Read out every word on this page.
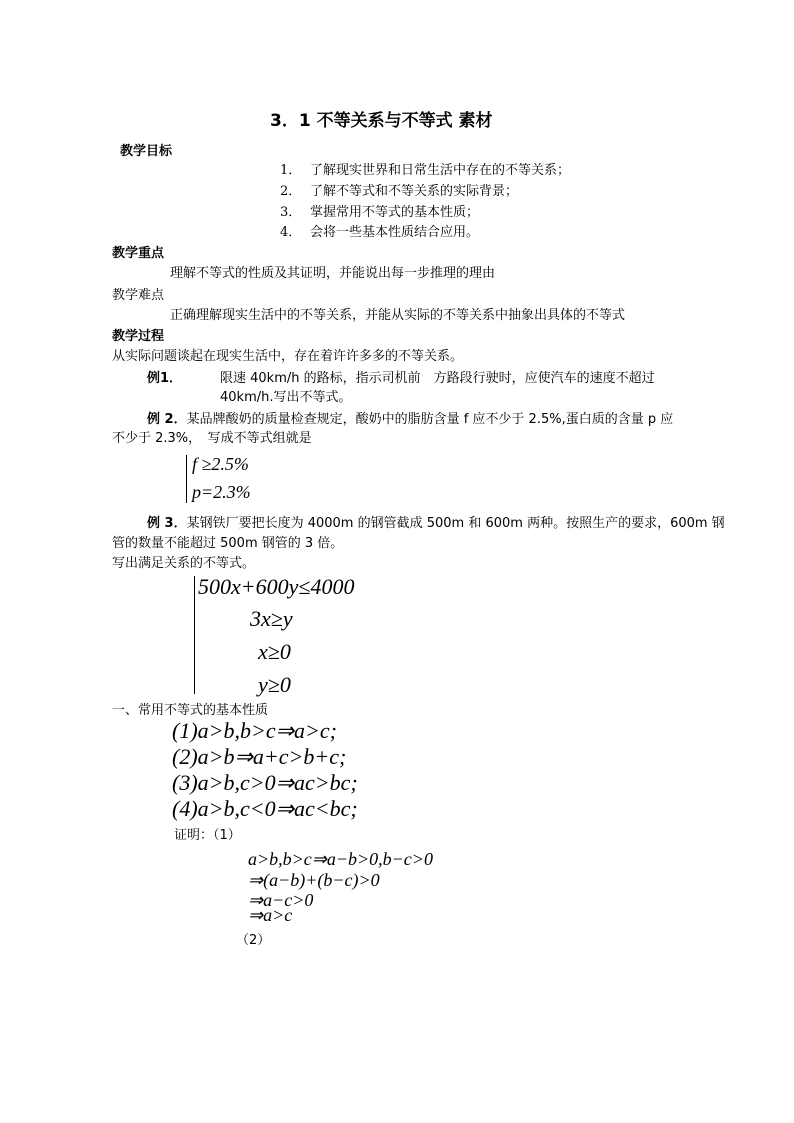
3．1 不等关系与不等式 素材
教学目标
1． 了解现实世界和日常生活中存在的不等关系；
2． 了解不等式和不等关系的实际背景；
3． 掌握常用不等式的基本性质；
4． 会将一些基本性质结合应用。
教学重点
理解不等式的性质及其证明，并能说出每一步推理的理由
教学难点
正确理解现实生活中的不等关系，并能从实际的不等关系中抽象出具体的不等式
教学过程
从实际问题谈起在现实生活中，存在着许许多多的不等关系。
例1．	限速 40km/h 的路标，指示司机前　方路段行驶时，应使汽车的速度不超过
40km/h.写出不等式。
例 2．某品牌酸奶的质量检查规定，酸奶中的脂肪含量 f 应不少于 2.5%,蛋白质的含量 p 应
不少于 2.3%，　写成不等式组就是
f ≥2.5%
p=2.3%
例 3．某钢铁厂要把长度为 4000m 的钢管截成 500m 和 600m 两种。按照生产的要求，600m 钢
管的数量不能超过 500m 钢管的 3 倍。
写出满足关系的不等式。
500x+600y≤4000
3x≥y
x≥0
y≥0
一、常用不等式的基本性质
(1)a>b,b>c⇒a>c;
(2)a>b⇒a+c>b+c;
(3)a>b,c>0⇒ac>bc;
(4)a>b,c<0⇒ac<bc;
证明：（1）
a>b,b>c⇒a−b>0,b−c>0
⇒(a−b)+(b−c)>0
⇒a−c>0
⇒a>c
（2）
